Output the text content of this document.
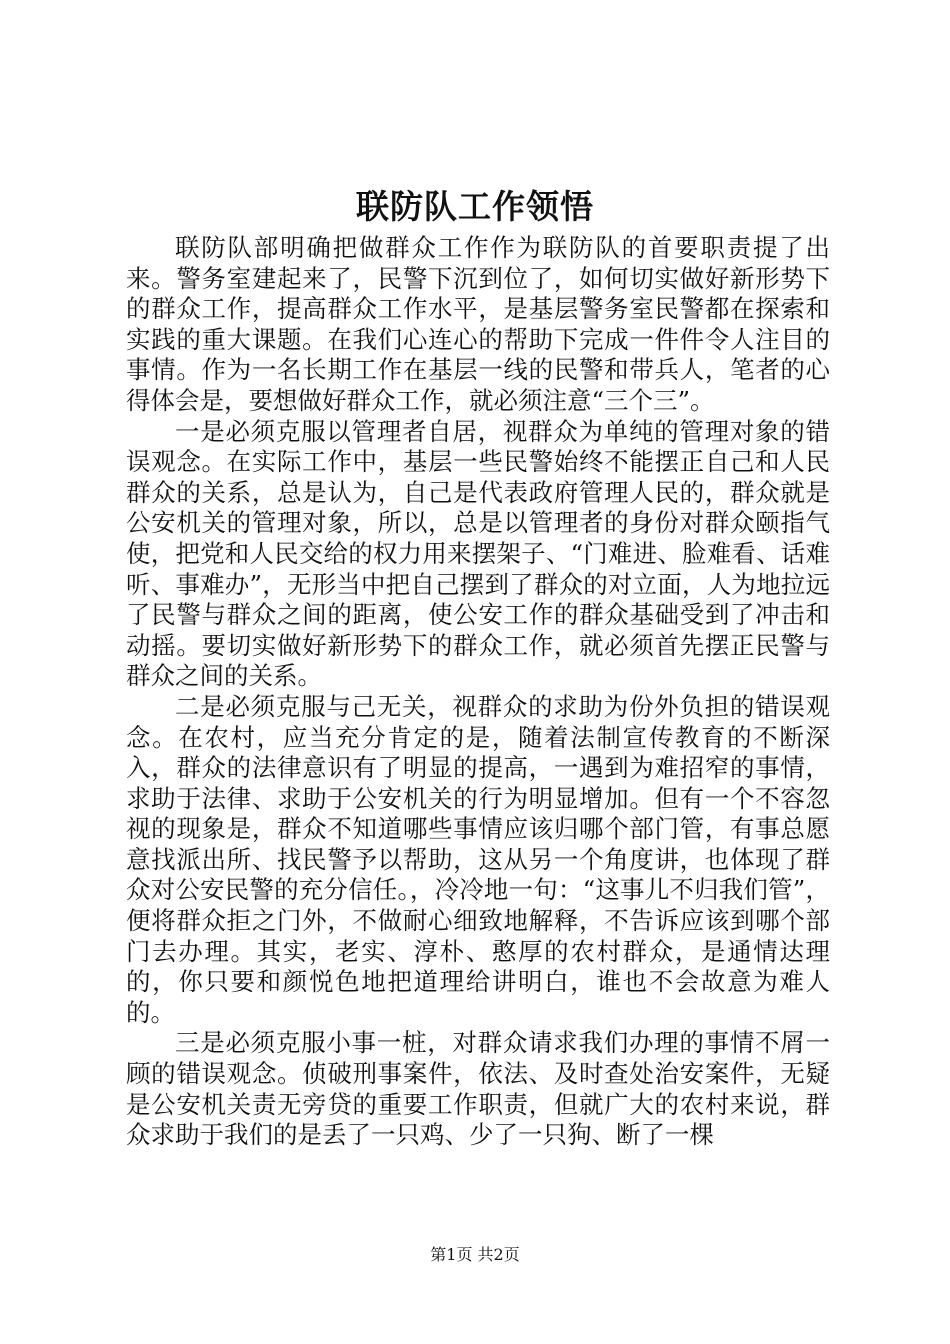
联防队工作领悟

联防队部明确把做群众工作作为联防队的首要职责提了出来。警务室建起来了，民警下沉到位了，如何切实做好新形势下的群众工作，提高群众工作水平，是基层警务室民警都在探索和实践的重大课题。在我们心连心的帮助下完成一件件令人注目的事情。作为一名长期工作在基层一线的民警和带兵人，笔者的心得体会是，要想做好群众工作，就必须注意“三个三”。

一是必须克服以管理者自居，视群众为单纯的管理对象的错误观念。在实际工作中，基层一些民警始终不能摆正自己和人民群众的关系，总是认为，自己是代表政府管理人民的，群众就是公安机关的管理对象，所以，总是以管理者的身份对群众颐指气使，把党和人民交给的权力用来摆架子、“门难进、脸难看、话难听、事难办”，无形当中把自己摆到了群众的对立面，人为地拉远了民警与群众之间的距离，使公安工作的群众基础受到了冲击和动摇。要切实做好新形势下的群众工作，就必须首先摆正民警与群众之间的关系。

二是必须克服与己无关，视群众的求助为份外负担的错误观念。在农村，应当充分肯定的是，随着法制宣传教育的不断深入，群众的法律意识有了明显的提高，一遇到为难招窄的事情，求助于法律、求助于公安机关的行为明显增加。但有一个不容忽视的现象是，群众不知道哪些事情应该归哪个部门管，有事总愿意找派出所、找民警予以帮助，这从另一个角度讲，也体现了群众对公安民警的充分信任。，冷冷地一句：“这事儿不归我们管”，便将群众拒之门外，不做耐心细致地解释，不告诉应该到哪个部门去办理。其实，老实、淳朴、憨厚的农村群众，是通情达理的，你只要和颜悦色地把道理给讲明白，谁也不会故意为难人的。

三是必须克服小事一桩，对群众请求我们办理的事情不屑一顾的错误观念。侦破刑事案件，依法、及时查处治安案件，无疑是公安机关责无旁贷的重要工作职责，但就广大的农村来说，群众求助于我们的是丢了一只鸡、少了一只狗、断了一棵

第1页 共2页
